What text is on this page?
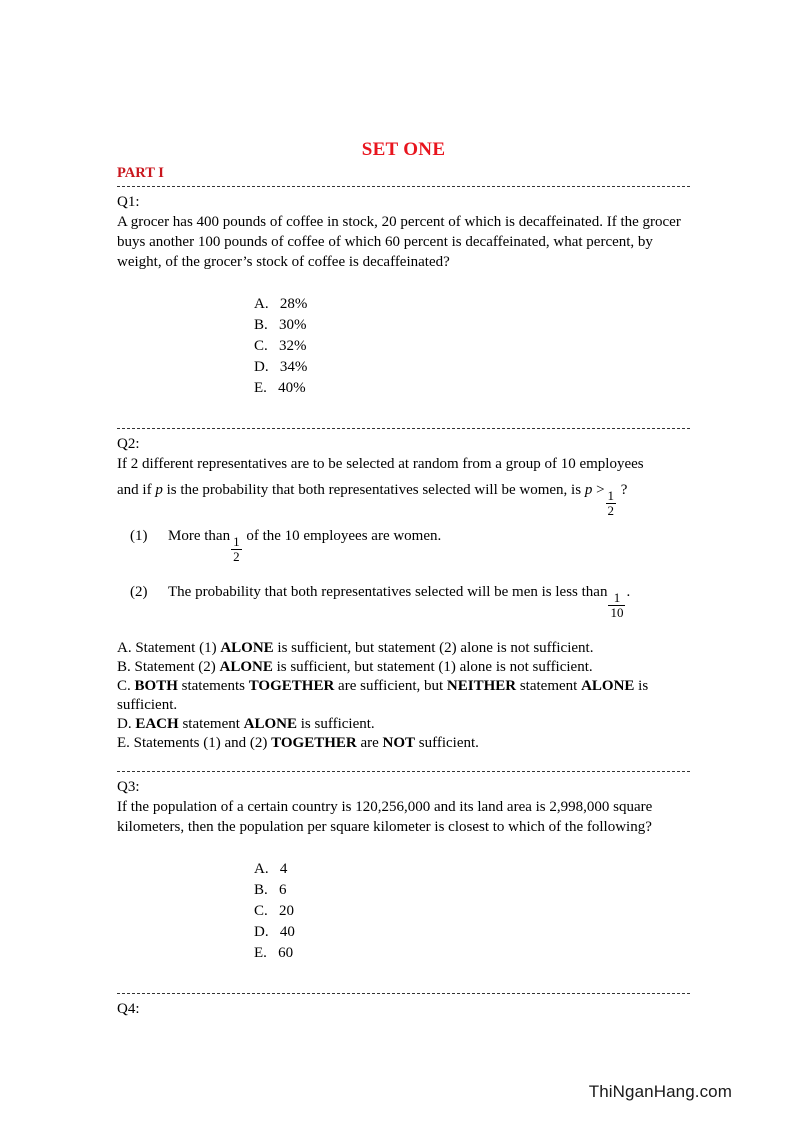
SET ONE
PART I
Q1:
A grocer has 400 pounds of coffee in stock, 20 percent of which is decaffeinated. If the grocer buys another 100 pounds of coffee of which 60 percent is decaffeinated, what percent, by weight, of the grocer’s stock of coffee is decaffeinated?
A.   28%
B.   30%
C.   32%
D.   34%
E.   40%
Q2:
If 2 different representatives are to be selected at random from a group of 10 employees
and if p is the probability that both representatives selected will be women, is $p > \frac{1}{2}$ ?
(1)	More than $\frac{1}{2}$ of the 10 employees are women.
(2)	The probability that both representatives selected will be men is less than $\frac{1}{10}$ .

A. Statement (1) ALONE is sufficient, but statement (2) alone is not sufficient.

B. Statement (2) ALONE is sufficient, but statement (1) alone is not sufficient.

C. BOTH statements TOGETHER are sufficient, but NEITHER statement ALONE is sufficient.

D. EACH statement ALONE is sufficient.

E. Statements (1) and (2) TOGETHER are NOT sufficient.

Q3:
If the population of a certain country is 120,256,000 and its land area is 2,998,000 square kilometers, then the population per square kilometer is closest to which of the following?
A.   4
B.   6
C.   20
D.   40
E.   60
Q4:
ThiNganHang.com
